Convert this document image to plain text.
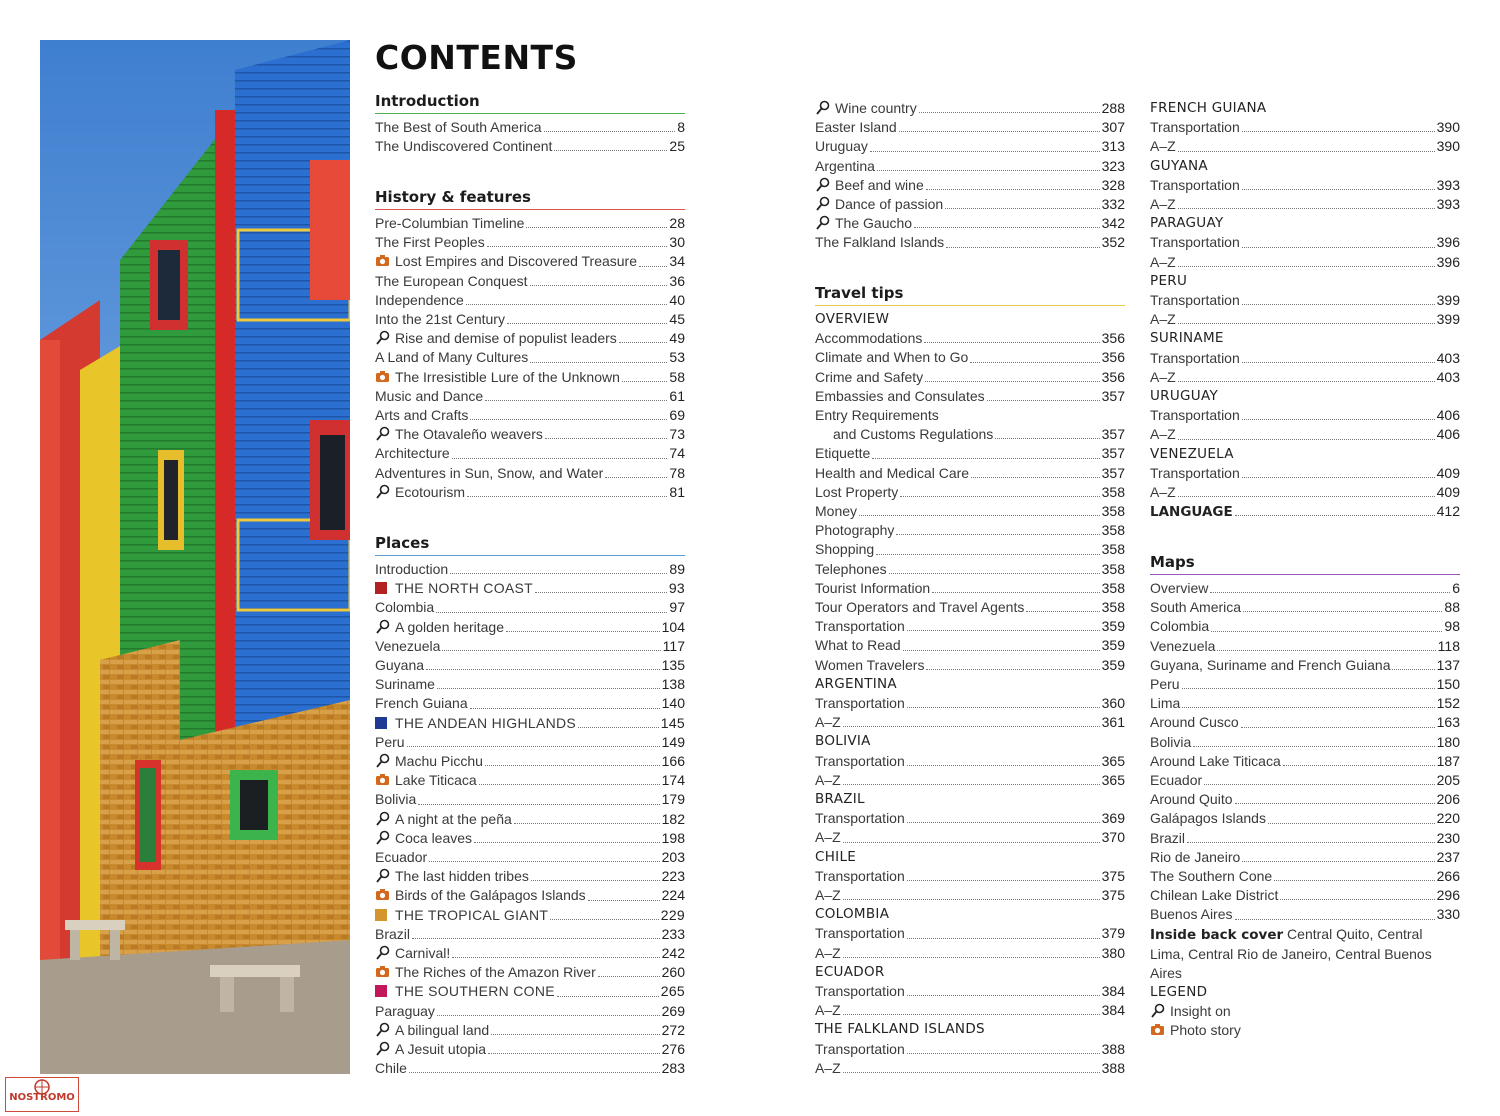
CONTENTS
Introduction
The Best of South America	8
The Undiscovered Continent	25
History & features
Pre-Columbian Timeline	28
The First Peoples	30
Lost Empires and Discovered Treasure 34
The European Conquest	36
Independence	40
Into the 21st Century	45
Rise and demise of populist leaders	49
A Land of Many Cultures	53
The Irresistible Lure of the Unknown	58
Music and Dance	61
Arts and Crafts	69
The Otavaleño weavers	73
Architecture	74
Adventures in Sun, Snow, and Water	78
Ecotourism	81
Places
Introduction	89
THE NORTH COAST	93
Colombia	97
A golden heritage	104
Venezuela	117
Guyana	135
Suriname	138
French Guiana	140
THE ANDEAN HIGHLANDS	145
Peru	149
Machu Picchu	166
Lake Titicaca	174
Bolivia	179
A night at the peña	182
Coca leaves	198
Ecuador	203
The last hidden tribes	223
Birds of the Galápagos Islands	224
THE TROPICAL GIANT	229
Brazil	233
Carnival!	242
The Riches of the Amazon River	260
THE SOUTHERN CONE	265
Paraguay	269
A bilingual land	272
A Jesuit utopia	276
Chile	283
Wine country	288
Easter Island	307
Uruguay	313
Argentina	323
Beef and wine	328
Dance of passion	332
The Gaucho	342
The Falkland Islands	352
Travel tips
OVERVIEW
Accommodations	356
Climate and When to Go	356
Crime and Safety	356
Embassies and Consulates	357
Entry Requirements
and Customs Regulations	357
Etiquette	357
Health and Medical Care	357
Lost Property	358
Money	358
Photography	358
Shopping	358
Telephones	358
Tourist Information	358
Tour Operators and Travel Agents	358
Transportation	359
What to Read	359
Women Travelers	359
ARGENTINA
Transportation	360
A–Z	361
BOLIVIA
Transportation	365
A–Z	365
BRAZIL
Transportation	369
A–Z	370
CHILE
Transportation	375
A–Z	375
COLOMBIA
Transportation	379
A–Z	380
ECUADOR
Transportation	384
A–Z	384
THE FALKLAND ISLANDS
Transportation	388
A–Z	388
FRENCH GUIANA
Transportation	390
A–Z	390
GUYANA
Transportation	393
A–Z	393
PARAGUAY
Transportation	396
A–Z	396
PERU
Transportation	399
A–Z	399
SURINAME
Transportation	403
A–Z	403
URUGUAY
Transportation	406
A–Z	406
VENEZUELA
Transportation	409
A–Z	409
LANGUAGE	412
Maps
Overview	6
South America	88
Colombia	98
Venezuela	118
Guyana, Suriname and French Guiana	137
Peru	150
Lima	152
Around Cusco	163
Bolivia	180
Around Lake Titicaca	187
Ecuador	205
Around Quito	206
Galápagos Islands	220
Brazil	230
Rio de Janeiro	237
The Southern Cone	266
Chilean Lake District	296
Buenos Aires	330
Inside back cover Central Quito, Central Lima, Central Rio de Janeiro, Central Buenos Aires
LEGEND
Insight on
Photo story
NOSTROMO
